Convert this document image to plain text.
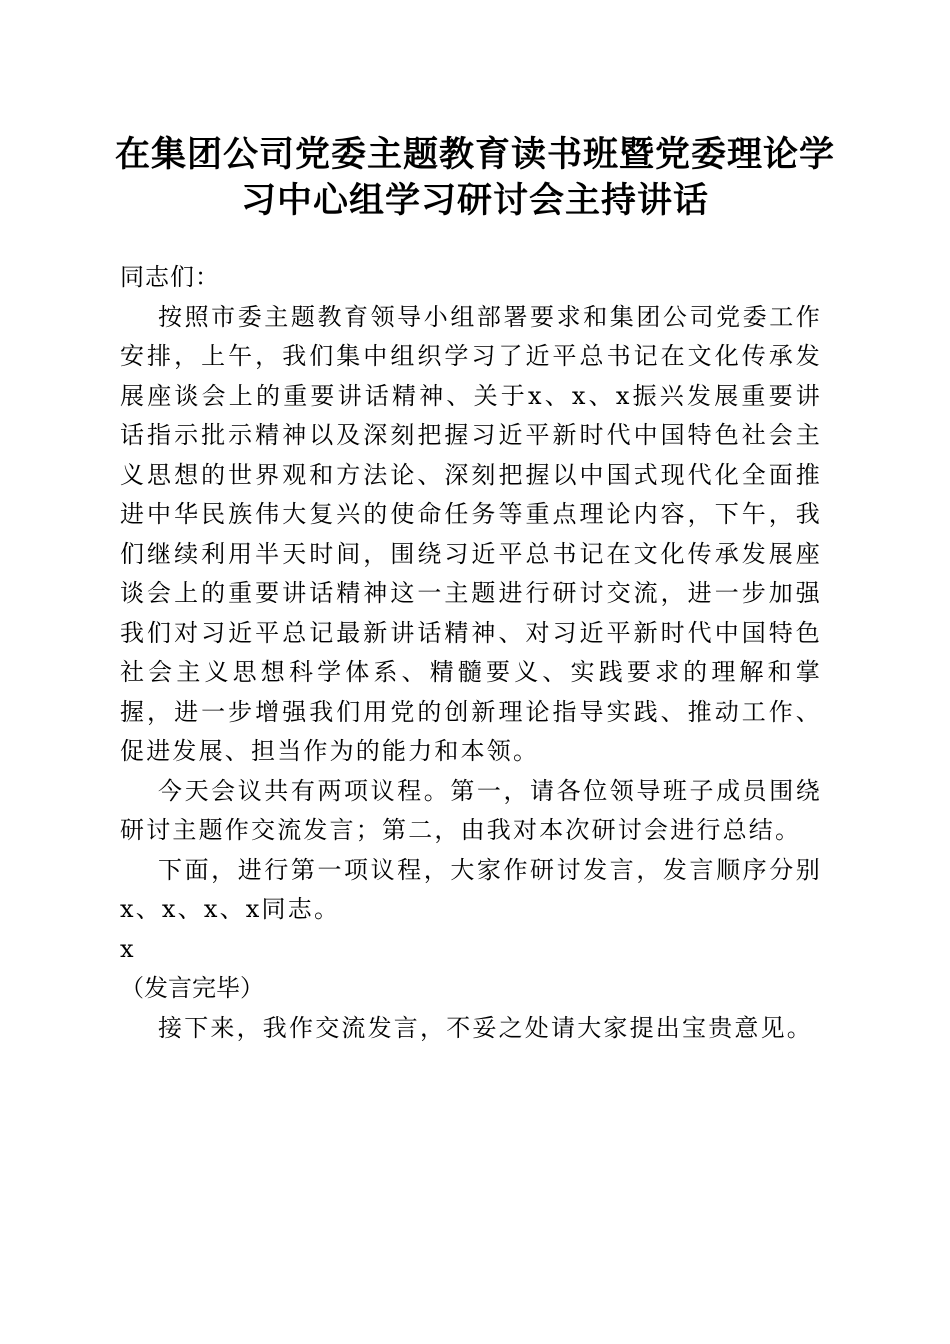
在集团公司党委主题教育读书班暨党委理论学习中心组学习研讨会主持讲话

同志们：

按照市委主题教育领导小组部署要求和集团公司党委工作安排，上午，我们集中组织学习了近平总书记在文化传承发展座谈会上的重要讲话精神、关于x、x、x振兴发展重要讲话指示批示精神以及深刻把握习近平新时代中国特色社会主义思想的世界观和方法论、深刻把握以中国式现代化全面推进中华民族伟大复兴的使命任务等重点理论内容，下午，我们继续利用半天时间，围绕习近平总书记在文化传承发展座谈会上的重要讲话精神这一主题进行研讨交流，进一步加强我们对习近平总记最新讲话精神、对习近平新时代中国特色社会主义思想科学体系、精髓要义、实践要求的理解和掌握，进一步增强我们用党的创新理论指导实践、推动工作、促进发展、担当作为的能力和本领。

今天会议共有两项议程。第一，请各位领导班子成员围绕研讨主题作交流发言；第二，由我对本次研讨会进行总结。

下面，进行第一项议程，大家作研讨发言，发言顺序分别x、x、x、x同志。

x

（发言完毕）

接下来，我作交流发言，不妥之处请大家提出宝贵意见。
